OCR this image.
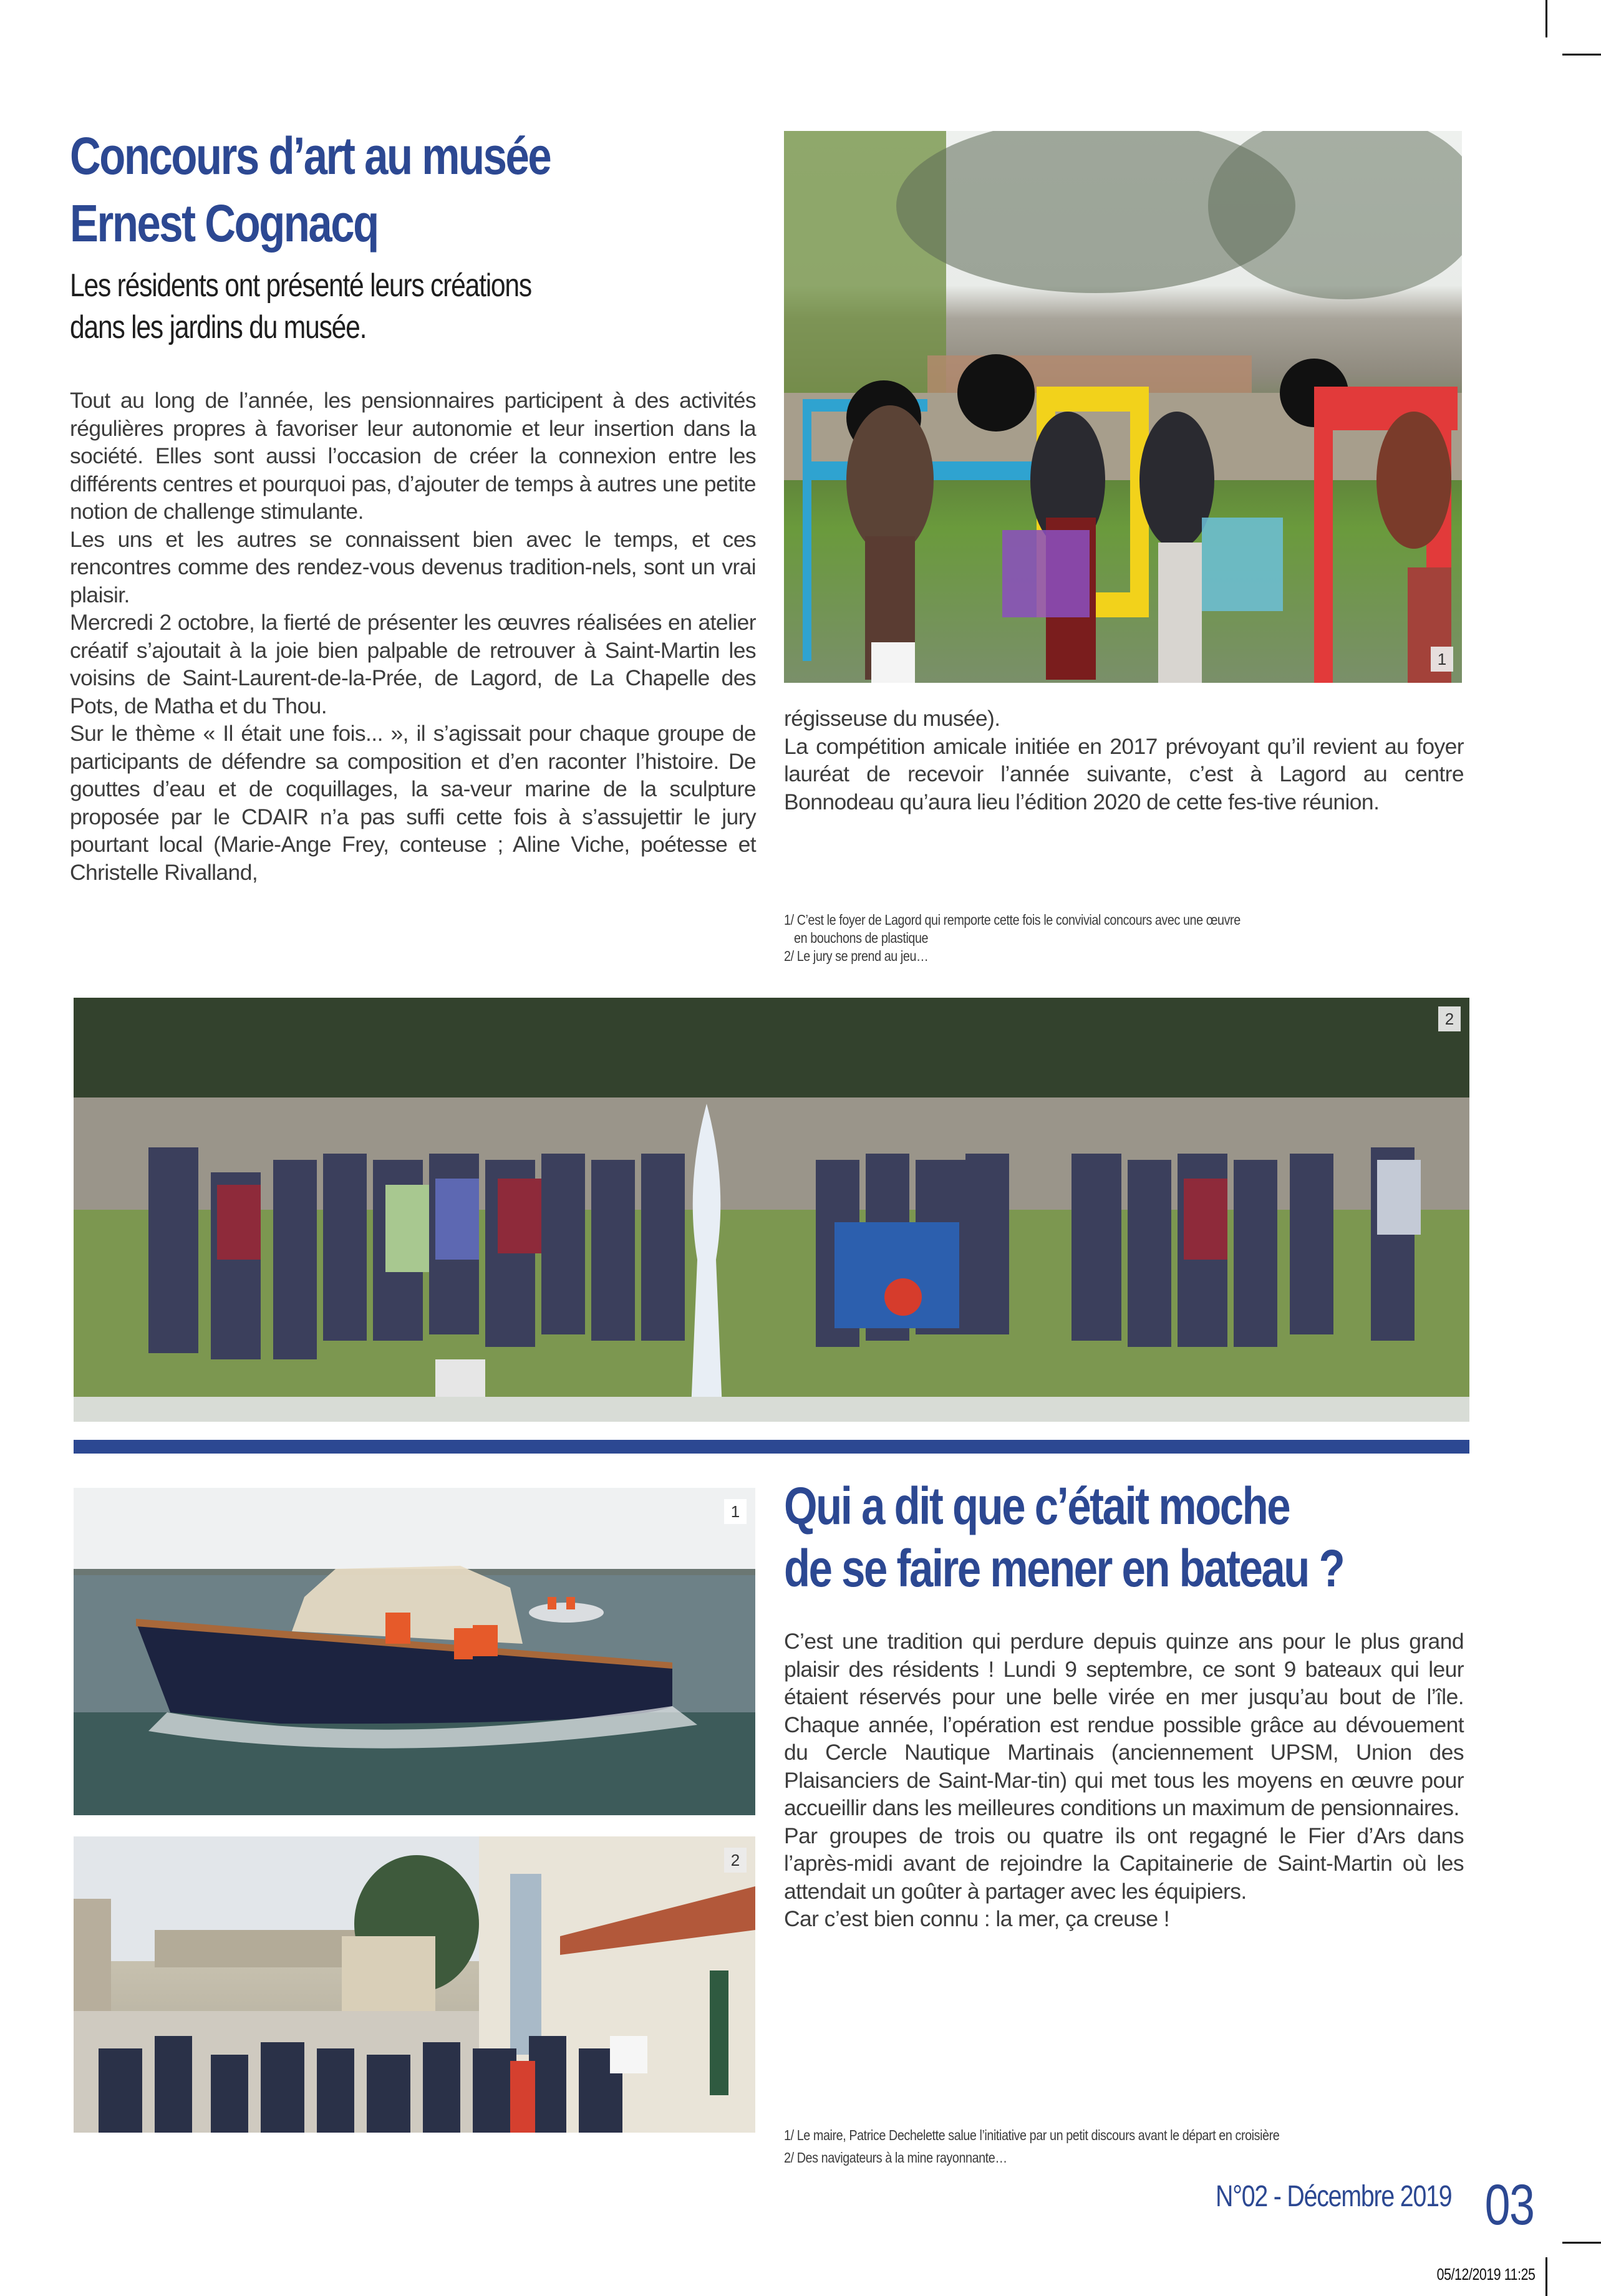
Concours d’art au musée
Ernest Cognacq
Les résidents ont présenté leurs créations
dans les jardins du musée.

Tout au long de l’année, les pensionnaires participent à des activités régulières propres à favoriser leur autonomie et leur insertion dans la société. Elles sont aussi l’occasion de créer la connexion entre les différents centres et pourquoi pas, d’ajouter de temps à autres une petite notion de challenge stimulante.

Les uns et les autres se connaissent bien avec le temps, et ces rencontres comme des rendez-vous devenus tradition-nels, sont un vrai plaisir.

Mercredi 2 octobre, la fierté de présenter les œuvres réalisées en atelier créatif s’ajoutait à la joie bien palpable de retrouver à Saint-Martin les voisins de Saint-Laurent-de-la-Prée, de Lagord, de La Chapelle des Pots, de Matha et du Thou.

Sur le thème « Il était une fois... », il s’agissait pour chaque groupe de participants de défendre sa composition et d’en raconter l’histoire. De gouttes d’eau et de coquillages, la sa-veur marine de la sculpture proposée par le CDAIR n’a pas suffi cette fois à s’assujettir le jury pourtant local (Marie-Ange Frey, conteuse ; Aline Viche, poétesse et Christelle Rivalland,

1

régisseuse du musée).

La compétition amicale initiée en 2017 prévoyant qu’il revient au foyer lauréat de recevoir l’année suivante, c’est à Lagord au centre Bonnodeau qu’aura lieu l’édition 2020 de cette fes-tive réunion.

1/ C’est le foyer de Lagord qui remporte cette fois le convivial concours avec une œuvre
en bouchons de plastique
2/ Le jury se prend au jeu…
2
1
2
Qui a dit que c’était moche
de se faire mener en bateau ?

C’est une tradition qui perdure depuis quinze ans pour le plus grand plaisir des résidents ! Lundi 9 septembre, ce sont 9 bateaux qui leur étaient réservés pour une belle virée en mer jusqu’au bout de l’île. Chaque année, l’opération est rendue possible grâce au dévouement du Cercle Nautique Martinais (anciennement UPSM, Union des Plaisanciers de Saint-Mar-tin) qui met tous les moyens en œuvre pour accueillir dans les meilleures conditions un maximum de pensionnaires.

Par groupes de trois ou quatre ils ont regagné le Fier d’Ars dans l’après-midi avant de rejoindre la Capitainerie de Saint-Martin où les attendait un goûter à partager avec les équipiers.

Car c’est bien connu : la mer, ça creuse !

1/ Le maire, Patrice Dechelette salue l’initiative par un petit discours avant le départ en croisière
2/ Des navigateurs à la mine rayonnante…
N°02 - Décembre 2019 03
05/12/2019 11:25
